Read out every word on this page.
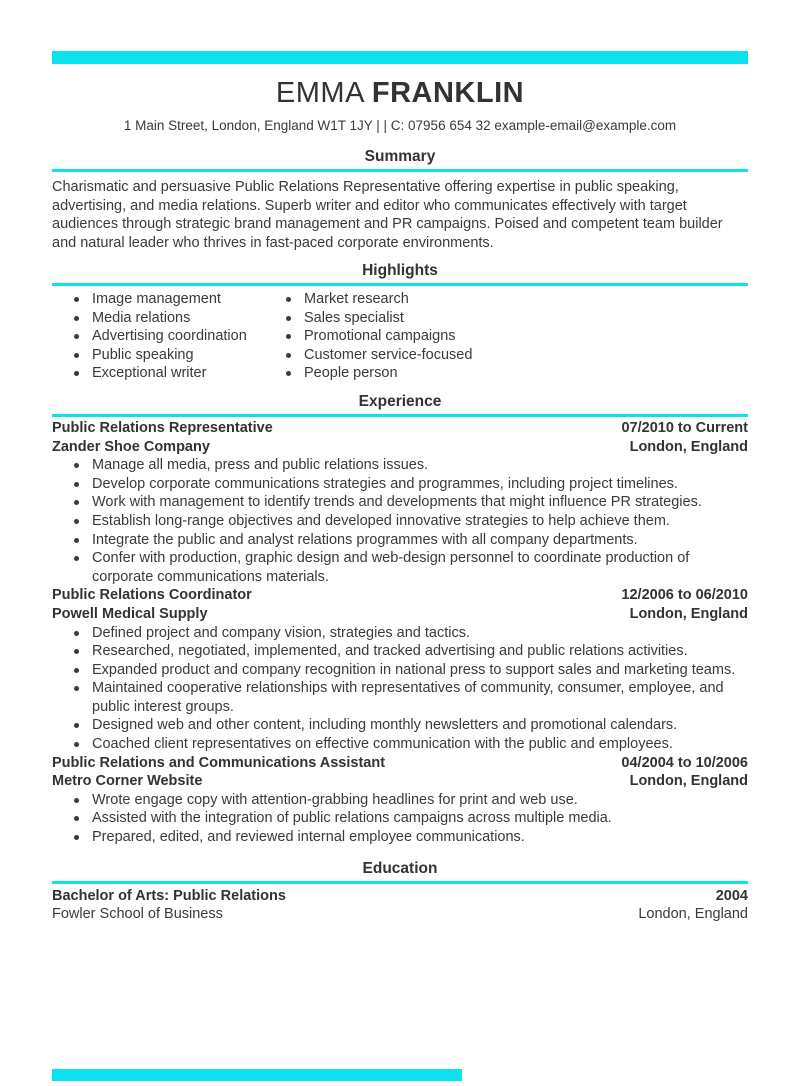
EMMA FRANKLIN
1 Main Street, London, England W1T 1JY | | C: 07956 654 32 example-email@example.com
Summary
Charismatic and persuasive Public Relations Representative offering expertise in public speaking, advertising, and media relations. Superb writer and editor who communicates effectively with target audiences through strategic brand management and PR campaigns. Poised and competent team builder and natural leader who thrives in fast-paced corporate environments.
Highlights
Image management
Media relations
Advertising coordination
Public speaking
Exceptional writer
Market research
Sales specialist
Promotional campaigns
Customer service-focused
People person
Experience
Public Relations Representative	07/2010 to Current
Zander Shoe Company	London, England
Manage all media, press and public relations issues.
Develop corporate communications strategies and programmes, including project timelines.
Work with management to identify trends and developments that might influence PR strategies.
Establish long-range objectives and developed innovative strategies to help achieve them.
Integrate the public and analyst relations programmes with all company departments.
Confer with production, graphic design and web-design personnel to coordinate production of corporate communications materials.
Public Relations Coordinator	12/2006 to 06/2010
Powell Medical Supply	London, England
Defined project and company vision, strategies and tactics.
Researched, negotiated, implemented, and tracked advertising and public relations activities.
Expanded product and company recognition in national press to support sales and marketing teams.
Maintained cooperative relationships with representatives of community, consumer, employee, and public interest groups.
Designed web and other content, including monthly newsletters and promotional calendars.
Coached client representatives on effective communication with the public and employees.
Public Relations and Communications Assistant	04/2004 to 10/2006
Metro Corner Website	London, England
Wrote engage copy with attention-grabbing headlines for print and web use.
Assisted with the integration of public relations campaigns across multiple media.
Prepared, edited, and reviewed internal employee communications.
Education
Bachelor of Arts: Public Relations	2004
Fowler School of Business	London, England
